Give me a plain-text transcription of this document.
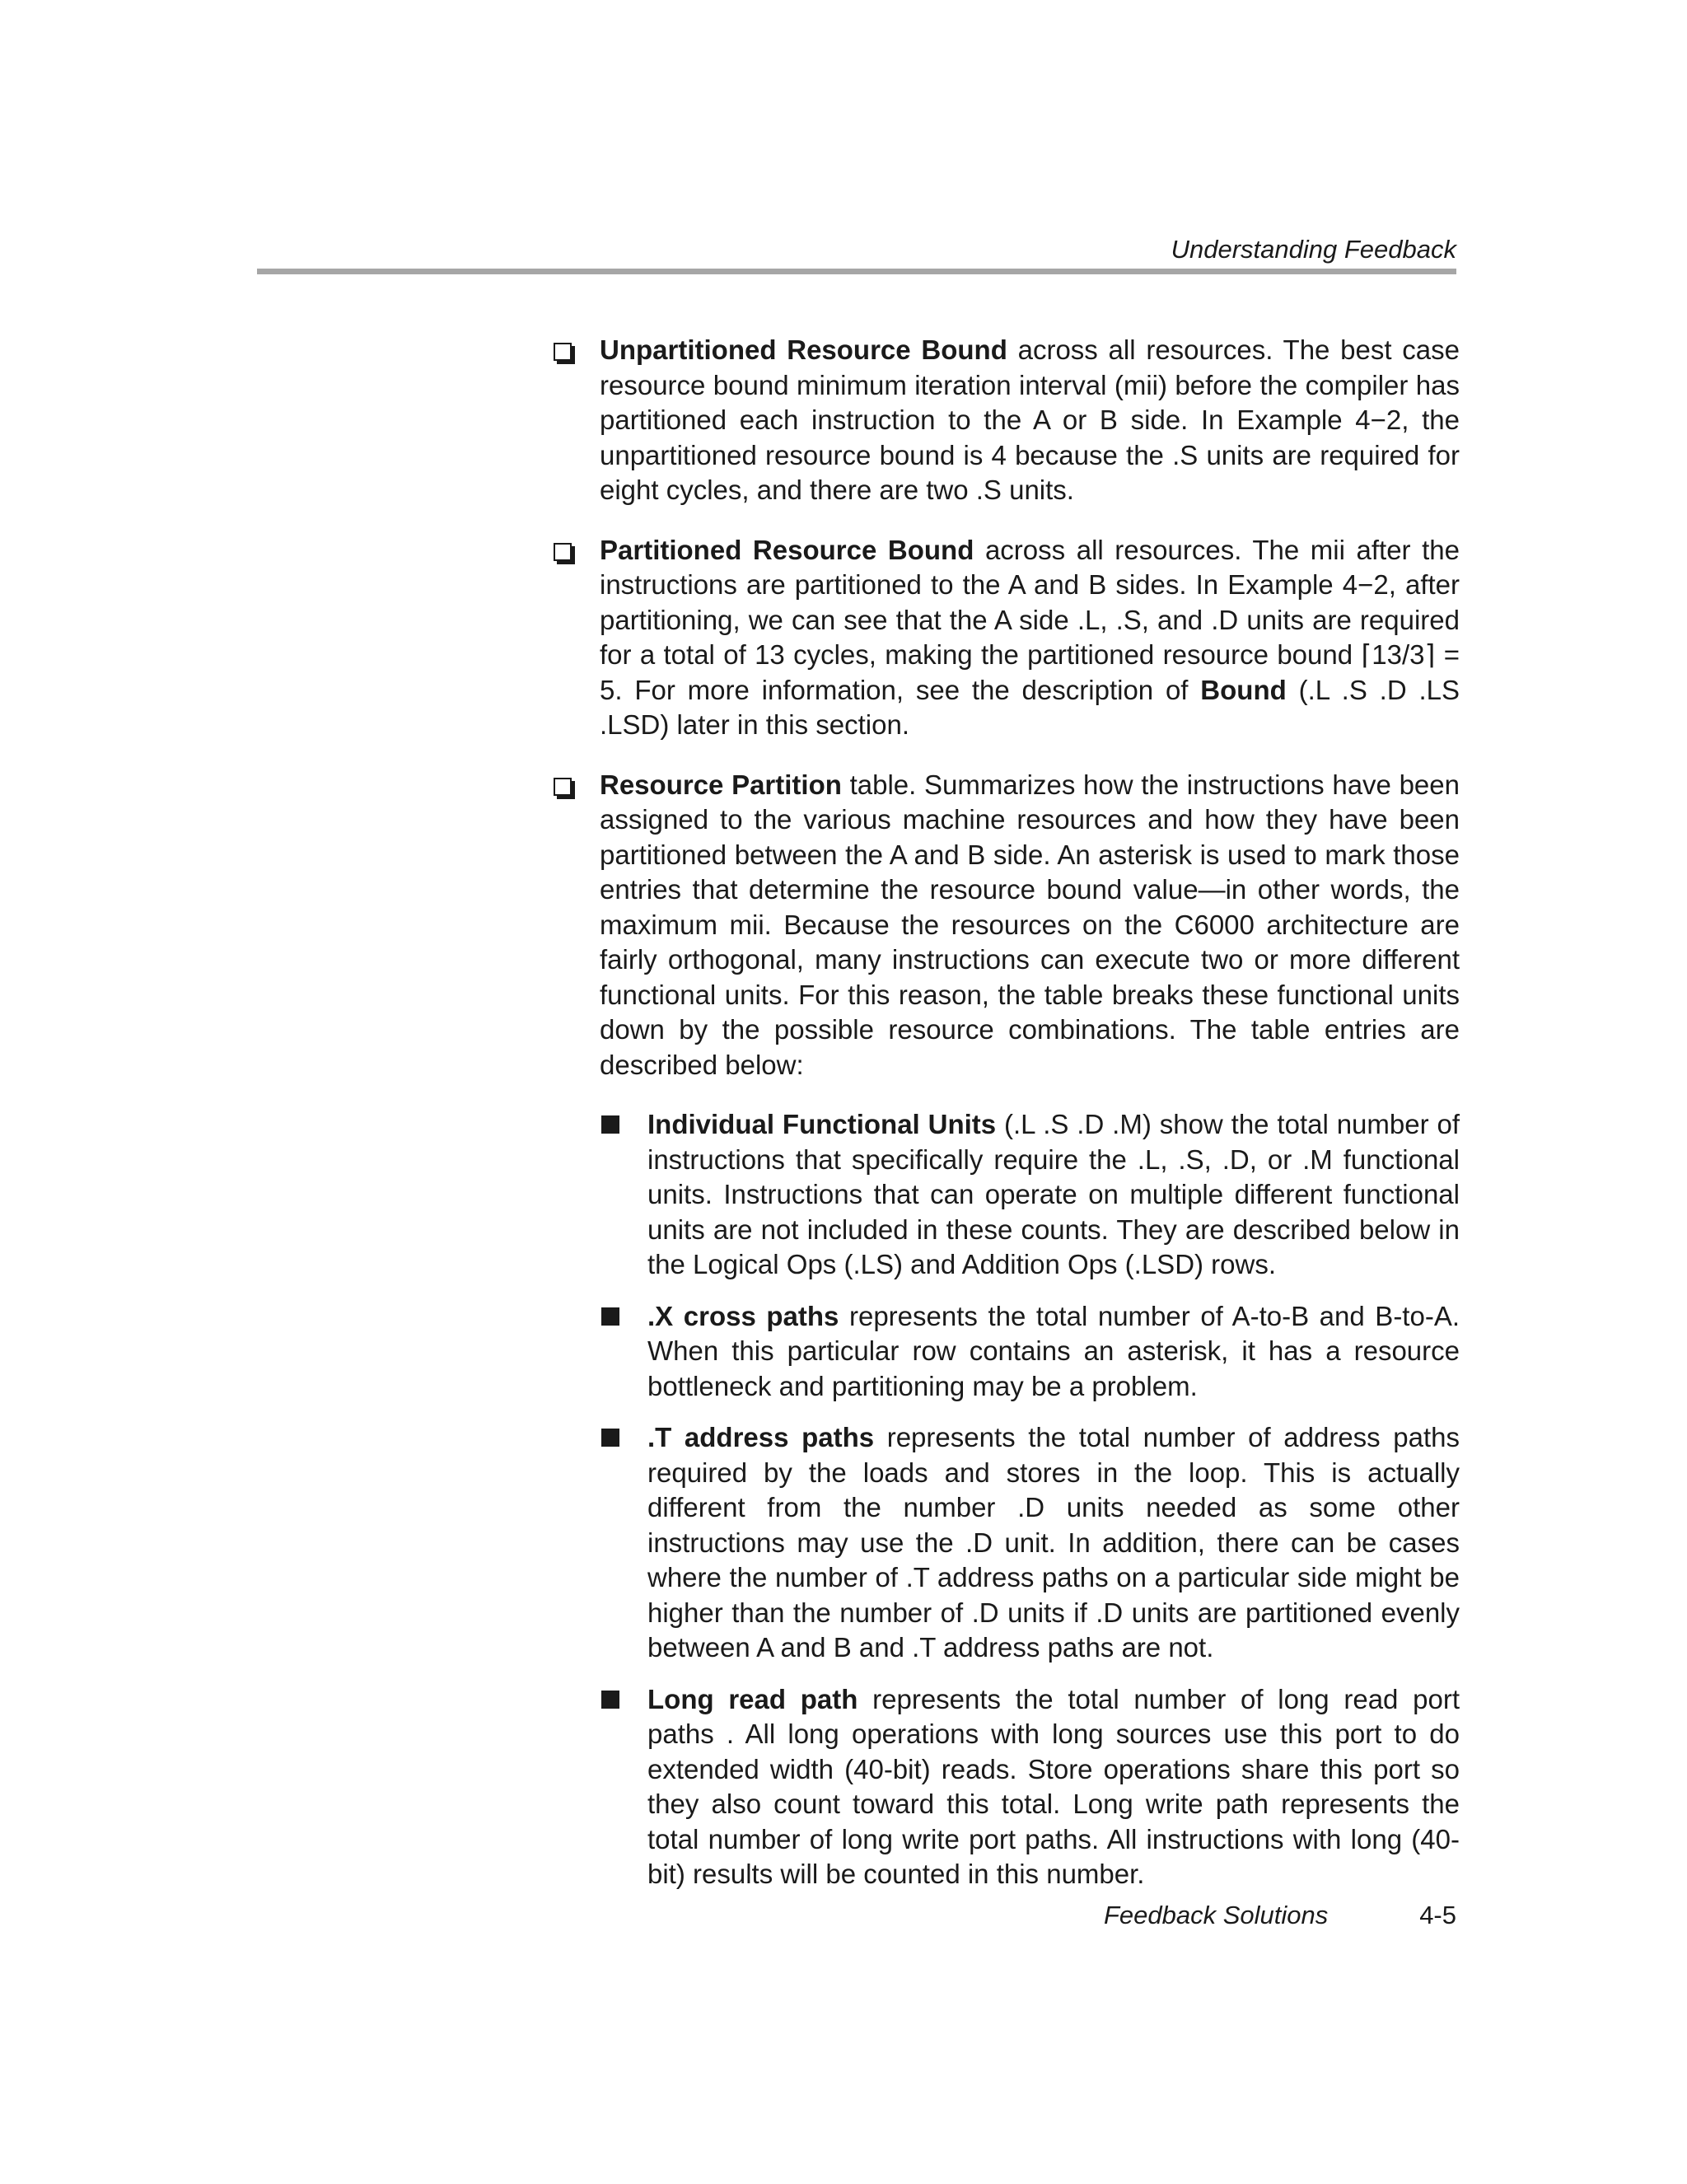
Understanding Feedback

Unpartitioned Resource Bound across all resources. The best case resource bound minimum iteration interval (mii) before the compiler has partitioned each instruction to the A or B side. In Example 4−2, the unpartitioned resource bound is 4 because the .S units are required for eight cycles, and there are two .S units.

Partitioned Resource Bound across all resources. The mii after the instructions are partitioned to the A and B sides. In Example 4−2, after partitioning, we can see that the A side .L, .S, and .D units are required for a total of 13 cycles, making the partitioned resource bound ⌈13/3⌉ = 5. For more information, see the description of Bound (.L .S .D .LS .LSD) later in this section.

Resource Partition table. Summarizes how the instructions have been assigned to the various machine resources and how they have been partitioned between the A and B side. An asterisk is used to mark those entries that determine the resource bound value—in other words, the maximum mii. Because the resources on the C6000 architecture are fairly orthogonal, many instructions can execute two or more different functional units. For this reason, the table breaks these functional units down by the possible resource combinations. The table entries are described below:

Individual Functional Units (.L .S .D .M) show the total number of instructions that specifically require the .L, .S, .D, or .M functional units. Instructions that can operate on multiple different functional units are not included in these counts. They are described below in the Logical Ops (.LS) and Addition Ops (.LSD) rows.

.X cross paths represents the total number of A-to-B and B-to-A. When this particular row contains an asterisk, it has a resource bottleneck and partitioning may be a problem.

.T address paths represents the total number of address paths required by the loads and stores in the loop. This is actually different from the number .D units needed as some other instructions may use the .D unit. In addition, there can be cases where the number of .T address paths on a particular side might be higher than the number of .D units if .D units are partitioned evenly between A and B and .T address paths are not.

Long read path represents the total number of long read port paths . All long operations with long sources use this port to do extended width (40-bit) reads. Store operations share this port so they also count toward this total. Long write path represents the total number of long write port paths. All instructions with long (40-bit) results will be counted in this number.

Feedback Solutions	4-5
